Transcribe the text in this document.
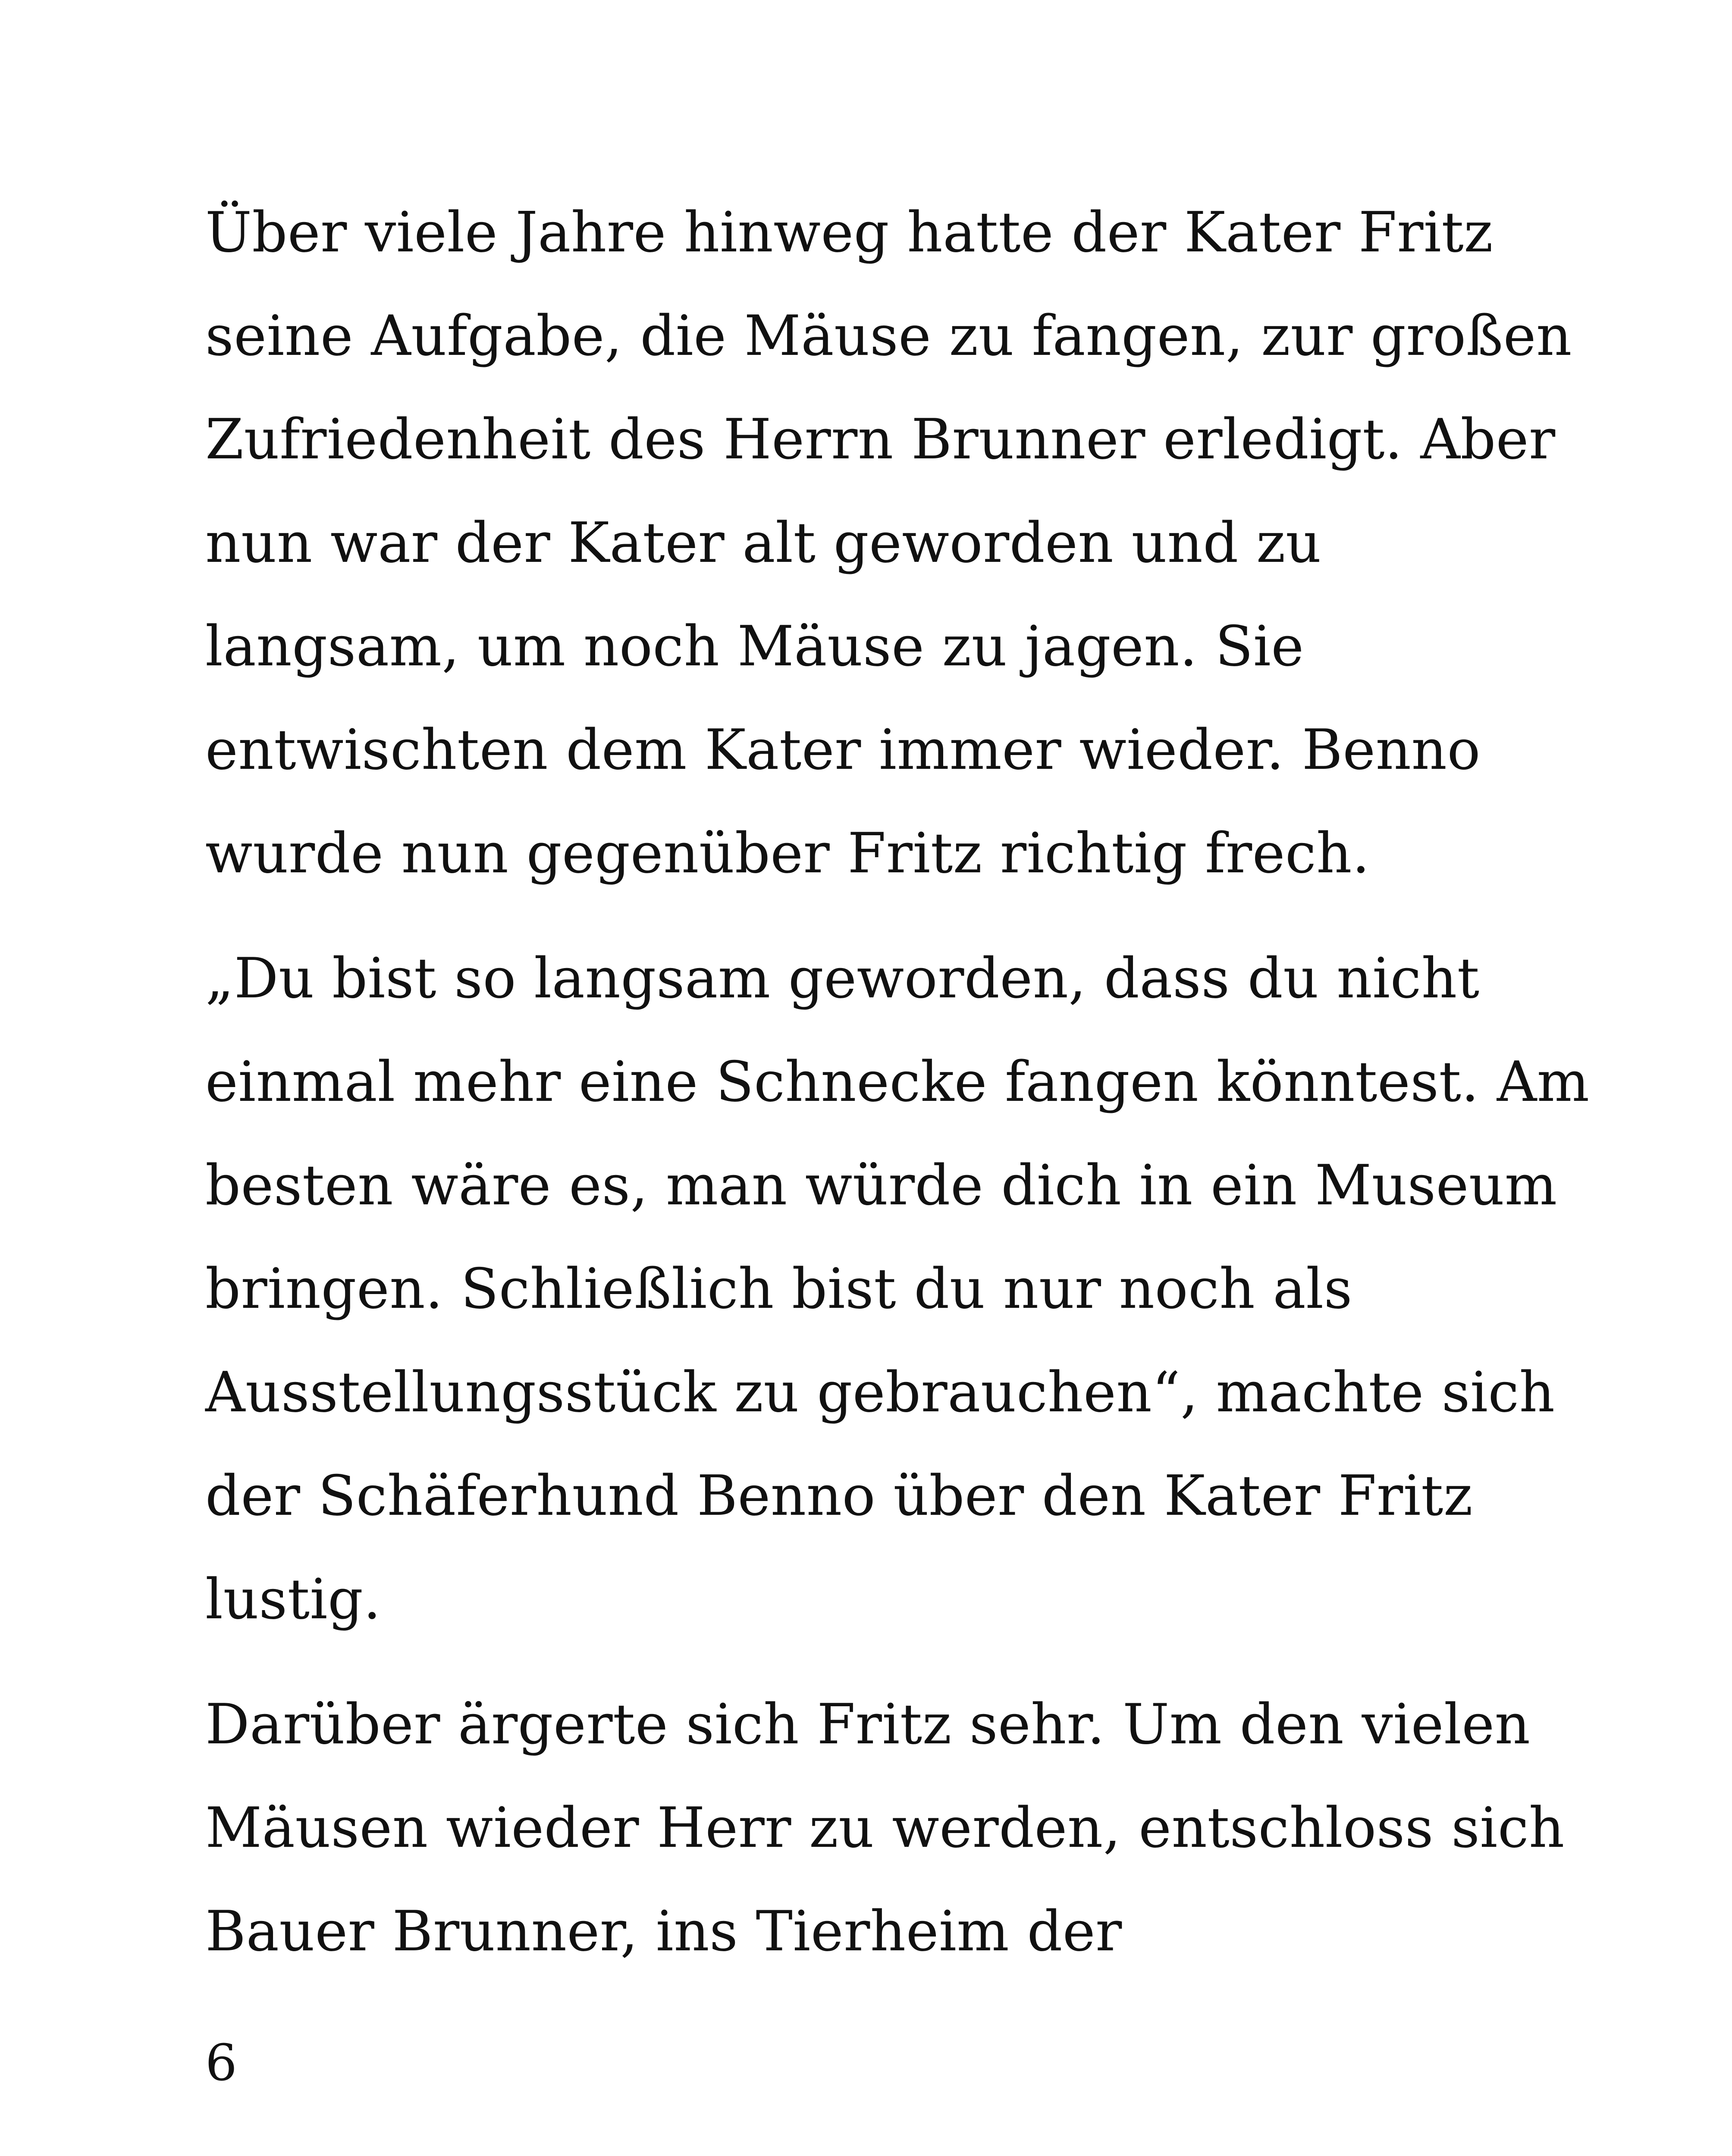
Über viele Jahre hinweg hatte der Kater Fritz
seine Aufgabe, die Mäuse zu fangen, zur großen
Zufriedenheit des Herrn Brunner erledigt. Aber
nun war der Kater alt geworden und zu
langsam, um noch Mäuse zu jagen. Sie
entwischten dem Kater immer wieder. Benno
wurde nun gegenüber Fritz richtig frech.

„Du bist so langsam geworden, dass du nicht
einmal mehr eine Schnecke fangen könntest. Am
besten wäre es, man würde dich in ein Museum
bringen. Schließlich bist du nur noch als
Ausstellungsstück zu gebrauchen“, machte sich
der Schäferhund Benno über den Kater Fritz
lustig.

Darüber ärgerte sich Fritz sehr. Um den vielen
Mäusen wieder Herr zu werden, entschloss sich
Bauer Brunner, ins Tierheim der

6
